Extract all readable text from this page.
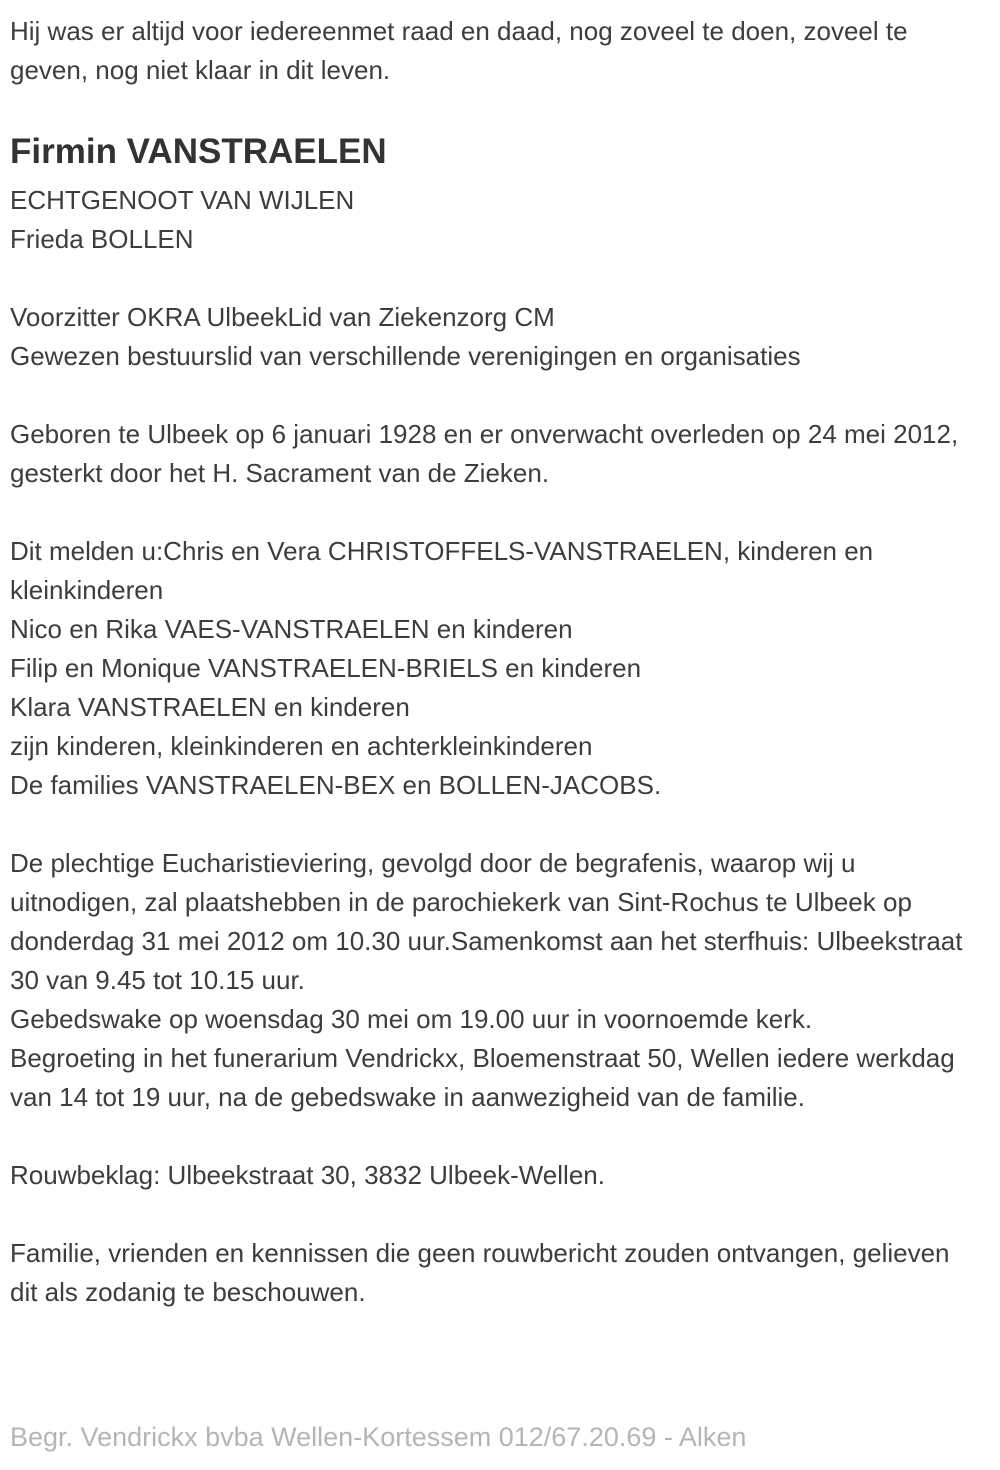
Hij was er altijd voor iedereenmet raad en daad, nog zoveel te doen, zoveel te geven, nog niet klaar in dit leven.

Firmin VANSTRAELEN
ECHTGENOOT VAN WIJLEN
Frieda BOLLEN
Voorzitter OKRA UlbeekLid van Ziekenzorg CM
Gewezen bestuurslid van verschillende verenigingen en organisaties

Geboren te Ulbeek op 6 januari 1928 en er onverwacht overleden op 24 mei 2012, gesterkt door het H. Sacrament van de Zieken.

Dit melden u:Chris en Vera CHRISTOFFELS-VANSTRAELEN, kinderen en kleinkinderen
Nico en Rika VAES-VANSTRAELEN en kinderen
Filip en Monique VANSTRAELEN-BRIELS en kinderen
Klara VANSTRAELEN en kinderen
zijn kinderen, kleinkinderen en achterkleinkinderen
De families VANSTRAELEN-BEX en BOLLEN-JACOBS.
De plechtige Eucharistieviering, gevolgd door de begrafenis, waarop wij u uitnodigen, zal plaatshebben in de parochiekerk van Sint-Rochus te Ulbeek op donderdag 31 mei 2012 om 10.30 uur.Samenkomst aan het sterfhuis: Ulbeekstraat 30 van 9.45 tot 10.15 uur.
Gebedswake op woensdag 30 mei om 19.00 uur in voornoemde kerk.
Begroeting in het funerarium Vendrickx, Bloemenstraat 50, Wellen iedere werkdag van 14 tot 19 uur, na de gebedswake in aanwezigheid van de familie.

Rouwbeklag: Ulbeekstraat 30, 3832 Ulbeek-Wellen.

Familie, vrienden en kennissen die geen rouwbericht zouden ontvangen, gelieven dit als zodanig te beschouwen.

Begr. Vendrickx bvba Wellen-Kortessem 012/67.20.69 - Alken
